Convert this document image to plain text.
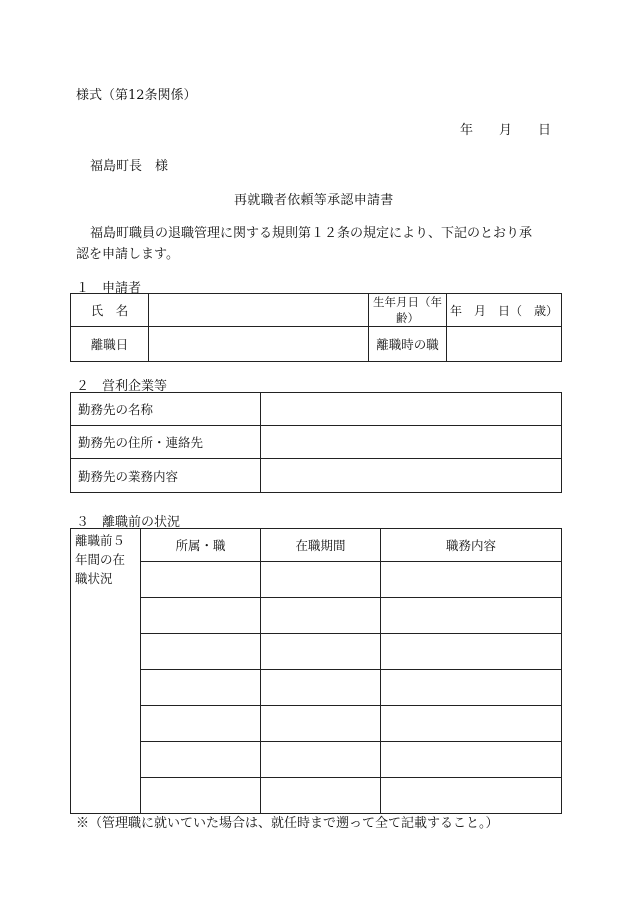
様式（第12条関係）
年　　月　　日
福島町長　様
再就職者依頼等承認申請書
福島町職員の退職管理に関する規則第１２条の規定により、下記のとおり承
認を申請します。
１　申請者
氏　名		生年月日（年齢）	年　月　日（　歳）
離職日		離職時の職	
２　営利企業等
勤務先の名称	
勤務先の住所・連絡先	
勤務先の業務内容	
３　離職前の状況
離職前５
年間の在
職状況	所属・職	在職期間	職務内容

※（管理職に就いていた場合は、就任時まで遡って全て記載すること。）
